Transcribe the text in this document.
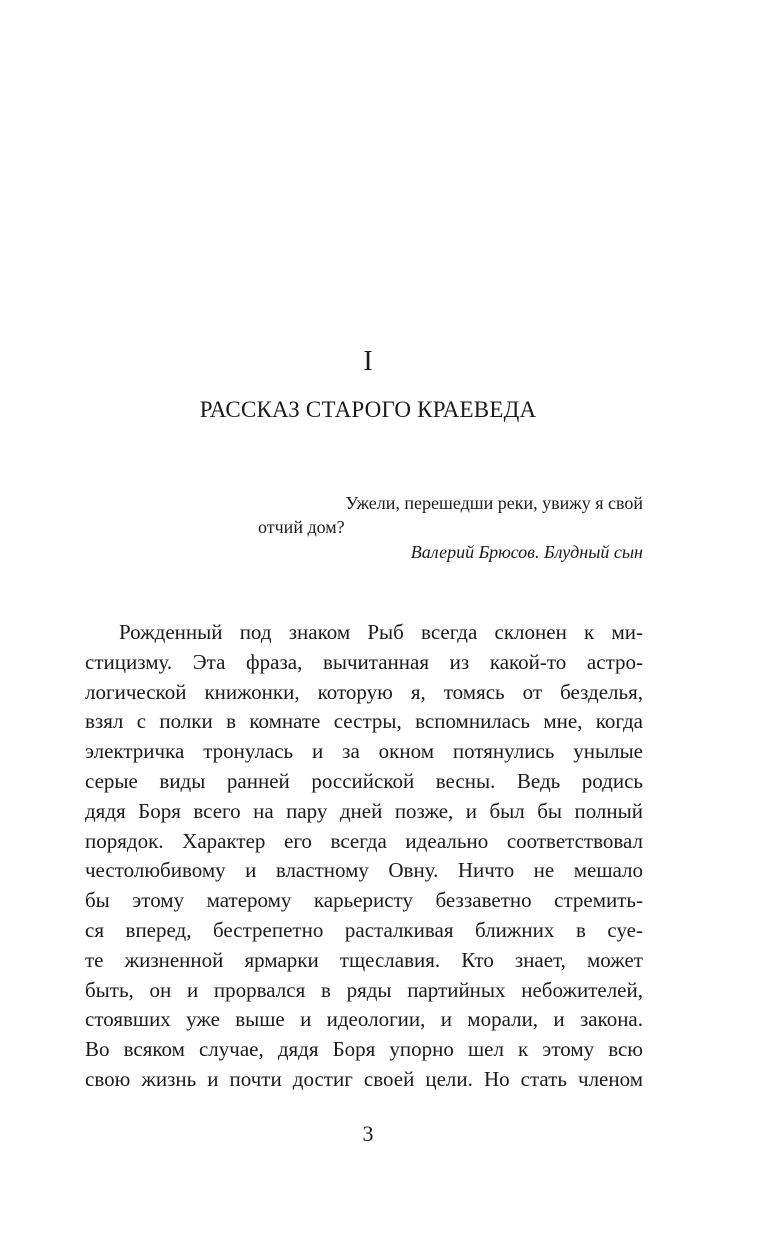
I
РАССКАЗ СТАРОГО КРАЕВЕДА
Ужели, перешедши реки, увижу я свой
отчий дом?
Валерий Брюсов. Блудный сын
Рожденный под знаком Рыб всегда склонен к ми-
стицизму. Эта фраза, вычитанная из какой-то астро-
логической книжонки, которую я, томясь от безделья,
взял с полки в комнате сестры, вспомнилась мне, когда
электричка тронулась и за окном потянулись унылые
серые виды ранней российской весны. Ведь родись
дядя Боря всего на пару дней позже, и был бы полный
порядок. Характер его всегда идеально соответствовал
честолюбивому и властному Овну. Ничто не мешало
бы этому матерому карьеристу беззаветно стремить-
ся вперед, бестрепетно расталкивая ближних в суе-
те жизненной ярмарки тщеславия. Кто знает, может
быть, он и прорвался в ряды партийных небожителей,
стоявших уже выше и идеологии, и морали, и закона.
Во всяком случае, дядя Боря упорно шел к этому всю
свою жизнь и почти достиг своей цели. Но стать членом
3
